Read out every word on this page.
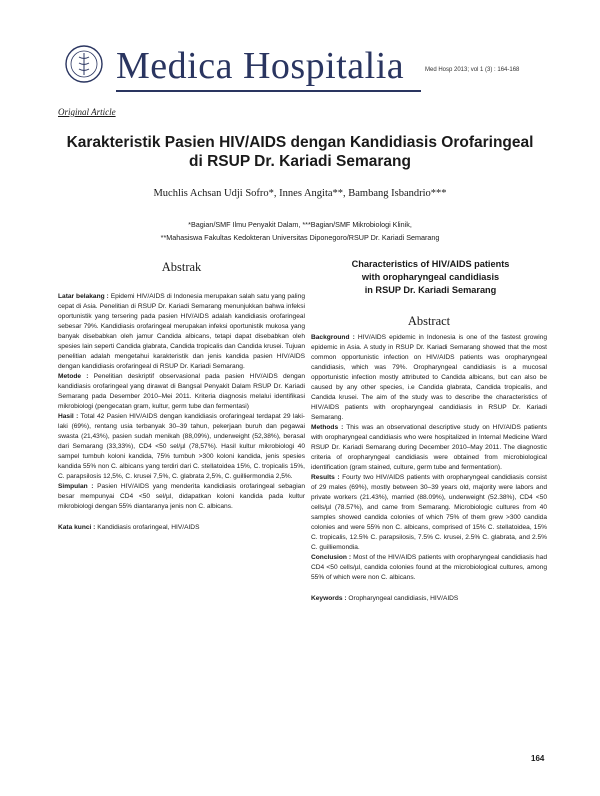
Medica Hospitalia	Med Hosp 2013; vol 1 (3) : 164-168
Original Article
Karakteristik Pasien HIV/AIDS dengan Kandidiasis Orofaringeal
di RSUP Dr. Kariadi Semarang
Muchlis Achsan Udji Sofro*, Innes Angita**, Bambang Isbandrio***
*Bagian/SMF Ilmu Penyakit Dalam, ***Bagian/SMF Mikrobiologi Klinik,
**Mahasiswa Fakultas Kedokteran Universitas Diponegoro/RSUP Dr. Kariadi Semarang
Abstrak

Latar belakang : Epidemi HIV/AIDS di Indonesia merupakan salah satu yang paling cepat di Asia. Penelitian di RSUP Dr. Kariadi Semarang menunjukkan bahwa infeksi oportunistik yang tersering pada pasien HIV/AIDS adalah kandidiasis orofaringeal sebesar 79%. Kandidiasis orofaringeal merupakan infeksi oportunistik mukosa yang banyak disebabkan oleh jamur Candida albicans, tetapi dapat disebabkan oleh spesies lain seperti Candida glabrata, Candida tropicalis dan Candida krusei. Tujuan penelitian adalah mengetahui karakteristik dan jenis kandida pasien HIV/AIDS dengan kandidiasis orofaringeal di RSUP Dr. Kariadi Semarang.

Metode : Penelitian deskriptif observasional pada pasien HIV/AIDS dengan kandidiasis orofaringeal yang dirawat di Bangsal Penyakit Dalam RSUP Dr. Kariadi Semarang pada Desember 2010–Mei 2011. Kriteria diagnosis melalui identifikasi mikrobiologi (pengecatan gram, kultur, germ tube dan fermentasi)

Hasil : Total 42 Pasien HIV/AIDS dengan kandidiasis orofaringeal terdapat 29 laki-laki (69%), rentang usia terbanyak 30–39 tahun, pekerjaan buruh dan pegawai swasta (21,43%), pasien sudah menikah (88,09%), underweight (52,38%), berasal dari Semarang (33,33%), CD4 <50 sel/µl (78,57%). Hasil kultur mikrobiologi 40 sampel tumbuh koloni kandida, 75% tumbuh >300 koloni kandida, jenis spesies kandida 55% non C. albicans yang terdiri dari C. stellatoidea 15%, C. tropicalis 15%, C. parapsilosis 12,5%, C. krusei 7,5%, C. glabrata 2,5%, C. guilliermondia 2,5%.

Simpulan : Pasien HIV/AIDS yang menderita kandidiasis orofaringeal sebagian besar mempunyai CD4 <50 sel/µl, didapatkan koloni kandida pada kultur mikrobiologi dengan 55% diantaranya jenis non C. albicans.

Kata kunci : Kandidiasis orofaringeal, HIV/AIDS
Characteristics of HIV/AIDS patients
with oropharyngeal candidiasis
in RSUP Dr. Kariadi Semarang
Abstract

Background : HIV/AIDS epidemic in Indonesia is one of the fastest growing epidemic in Asia. A study in RSUP Dr. Kariadi Semarang showed that the most common opportunistic infection on HIV/AIDS patients was oropharyngeal candidiasis, which was 79%. Oropharyngeal candidiasis is a mucosal opportunistic infection mostly attributed to Candida albicans, but can also be caused by any other species, i.e Candida glabrata, Candida tropicalis, and Candida krusei. The aim of the study was to describe the characteristics of HIV/AIDS patients with oropharyngeal candidiasis in RSUP Dr. Kariadi Semarang.

Methods : This was an observational descriptive study on HIV/AIDS patients with oropharyngeal candidiasis who were hospitalized in Internal Medicine Ward RSUP Dr. Kariadi Semarang during December 2010–May 2011. The diagnostic criteria of oropharyngeal candidiasis were obtained from microbiological identification (gram stained, culture, germ tube and fermentation).

Results : Fourty two HIV/AIDS patients with oropharyngeal candidiasis consist of 29 males (69%), mostly between 30–39 years old, majority were labors and private workers (21.43%), married (88.09%), underweight (52.38%), CD4 <50 cells/µl (78.57%), and came from Semarang. Microbiologic cultures from 40 samples showed candida colonies of which 75% of them grew >300 candida colonies and were 55% non C. albicans, comprised of 15% C. stellatoidea, 15% C. tropicalis, 12.5% C. parapsilosis, 7.5% C. krusei, 2.5% C. glabrata, and 2.5% C. guilliemondia.

Conclusion : Most of the HIV/AIDS patients with oropharyngeal candidiasis had CD4 <50 cells/µl, candida colonies found at the microbiological cultures, among 55% of which were non C. albicans.

Keywords : Oropharyngeal candidiasis, HIV/AIDS
164
